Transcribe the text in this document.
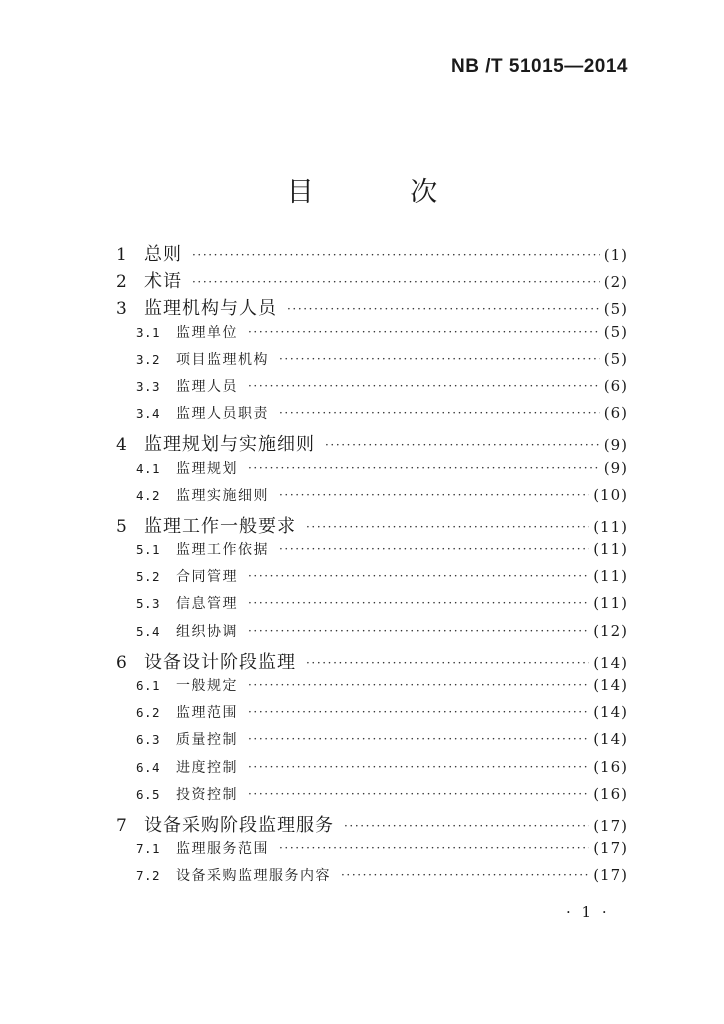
NB /T 51015—2014
目 次
1 总则 ·····	(1)
2 术语 ·····	(2)
3 监理机构与人员 ·····	(5)
3.1	监理单位 ·····	(5)
3.2	项目监理机构 ·····	(5)
3.3	监理人员 ·····	(6)
3.4	监理人员职责 ·····	(6)
4 监理规划与实施细则 ·····	(9)
4.1	监理规划 ·····	(9)
4.2	监理实施细则 ·····	(10)
5 监理工作一般要求 ·····	(11)
5.1	监理工作依据 ·····	(11)
5.2	合同管理 ·····	(11)
5.3	信息管理 ·····	(11)
5.4	组织协调 ·····	(12)
6 设备设计阶段监理 ·····	(14)
6.1	一般规定 ·····	(14)
6.2	监理范围 ·····	(14)
6.3	质量控制 ·····	(14)
6.4	进度控制 ·····	(16)
6.5	投资控制 ·····	(16)
7 设备采购阶段监理服务 ·····	(17)
7.1	监理服务范围 ·····	(17)
7.2	设备采购监理服务内容 ·····	(17)
· 1 ·
